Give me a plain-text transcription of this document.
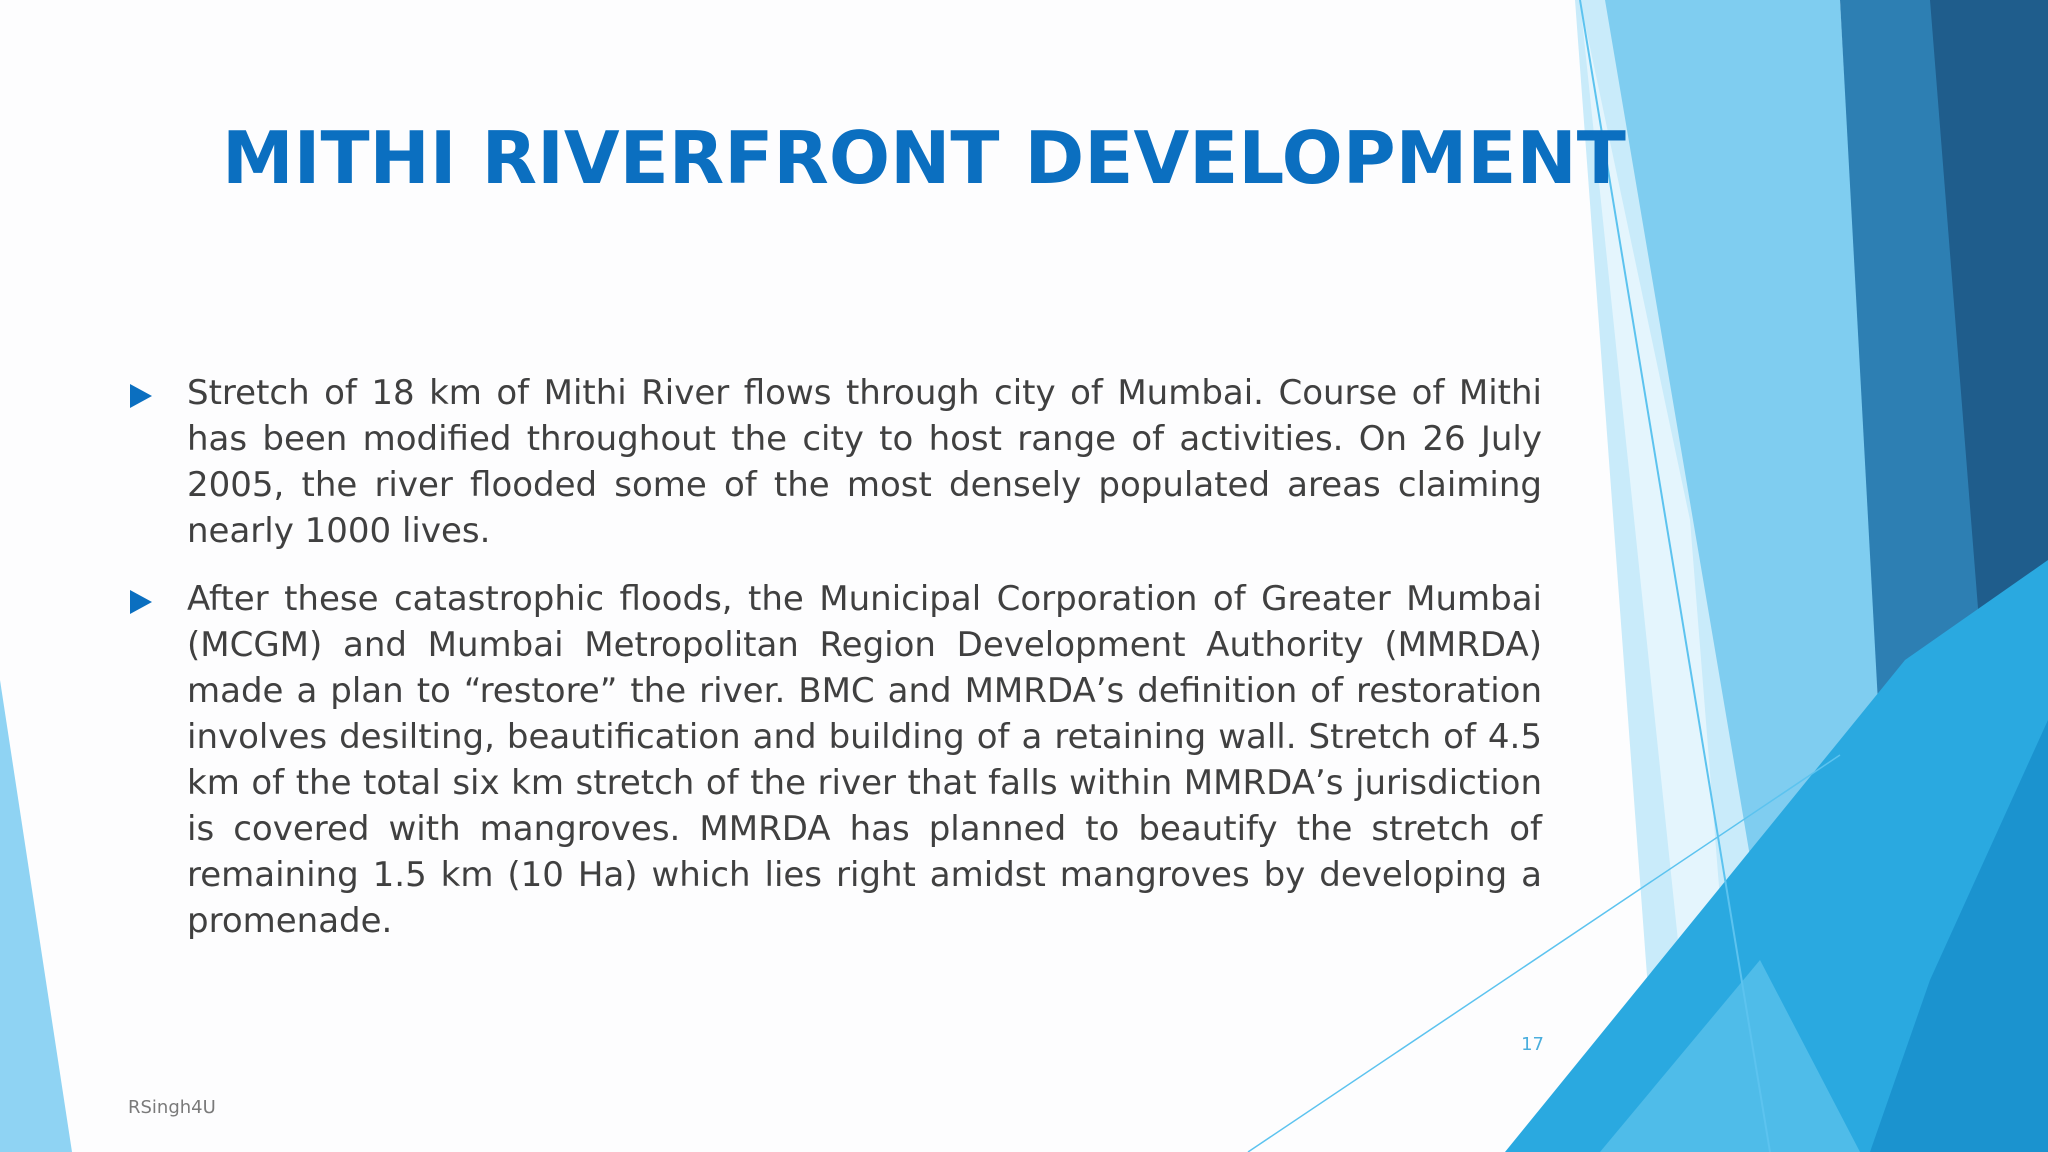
MITHI RIVERFRONT DEVELOPMENT
Stretch of 18 km of Mithi River flows through city of Mumbai. Course of Mithi has been modified throughout the city to host range of activities. On 26 July 2005, the river flooded some of the most densely populated areas claiming nearly 1000 lives.
After these catastrophic floods, the Municipal Corporation of Greater Mumbai (MCGM) and Mumbai Metropolitan Region Development Authority (MMRDA) made a plan to “restore” the river. BMC and MMRDA’s definition of restoration involves desilting, beautification and building of a retaining wall. Stretch of 4.5 km of the total six km stretch of the river that falls within MMRDA’s jurisdiction is covered with mangroves. MMRDA has planned to beautify the stretch of remaining 1.5 km (10 Ha) which lies right amidst mangroves by developing a promenade.
17
RSingh4U
